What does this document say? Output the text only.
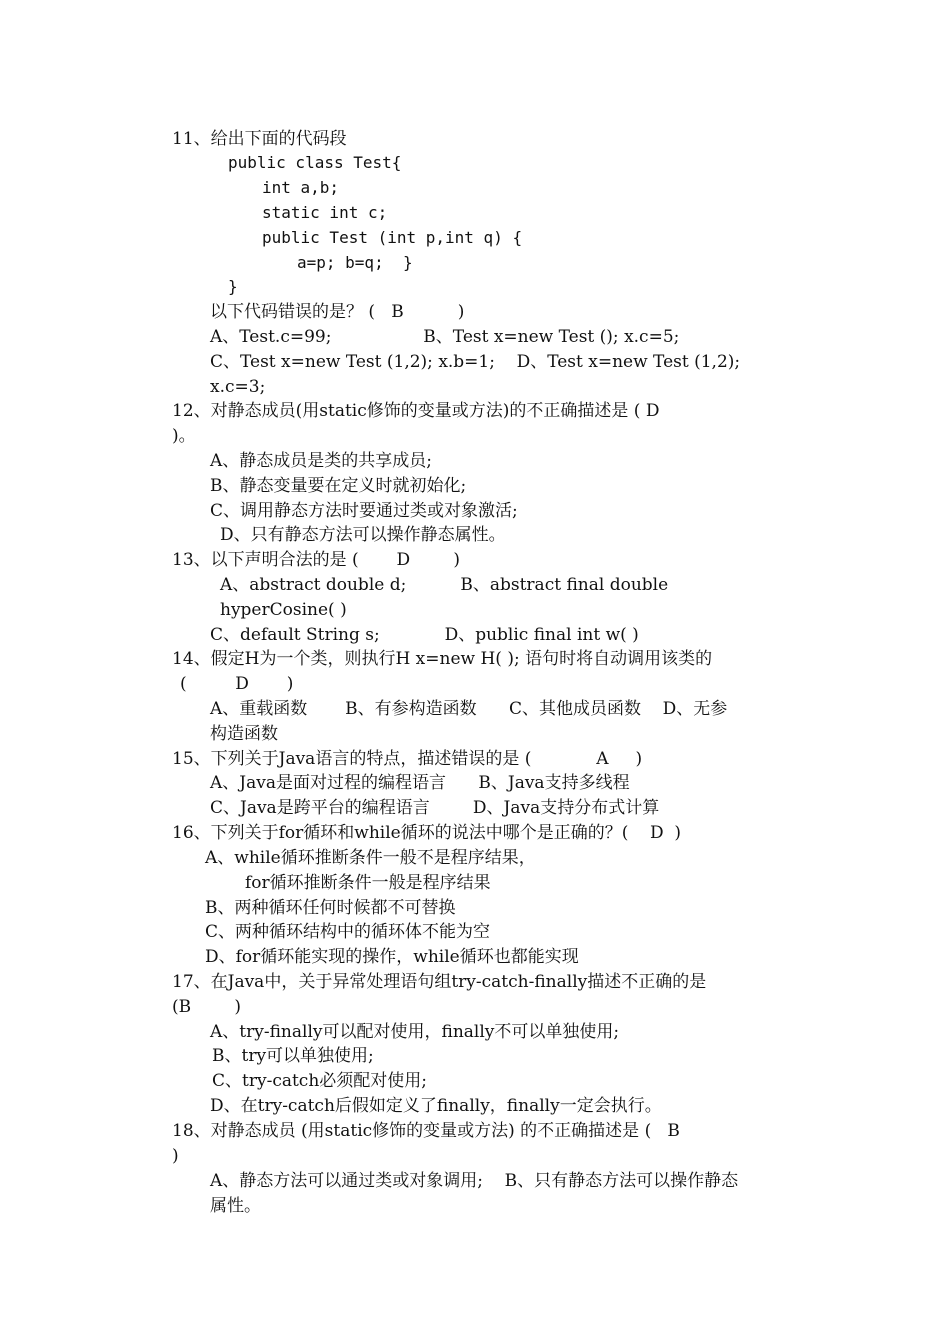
11、给出下面的代码段
public class Test{
int a,b;
static int c;
public Test (int p,int q) {
a=p; b=q;  }
}
以下代码错误的是？ (   B          )
A、Test.c=99;                 B、Test x=new Test (); x.c=5;
C、Test x=new Test (1,2); x.b=1;    D、Test x=new Test (1,2);
x.c=3;
12、对静态成员(用static修饰的变量或方法)的不正确描述是 ( D
)。
A、静态成员是类的共享成员;
B、静态变量要在定义时就初始化;
C、调用静态方法时要通过类或对象激活;
D、只有静态方法可以操作静态属性。
13、以下声明合法的是 (       D        )
A、abstract double d;          B、abstract final double
hyperCosine( )
C、default String s;            D、public final int w( )
14、假定H为一个类，则执行H x=new H( ); 语句时将自动调用该类的
(         D       )
A、重载函数       B、有参构造函数      C、其他成员函数    D、无参
构造函数
15、下列关于Java语言的特点，描述错误的是 (            A     )
A、Java是面对过程的编程语言      B、Java支持多线程
C、Java是跨平台的编程语言        D、Java支持分布式计算
16、下列关于for循环和while循环的说法中哪个是正确的？(    D  )
A、while循环推断条件一般不是程序结果，
for循环推断条件一般是程序结果
B、两种循环任何时候都不可替换
C、两种循环结构中的循环体不能为空
D、for循环能实现的操作，while循环也都能实现
17、在Java中，关于异常处理语句组try-catch-finally描述不正确的是
(B        )
A、try-finally可以配对使用，finally不可以单独使用;
B、try可以单独使用;
C、try-catch必须配对使用;
D、在try-catch后假如定义了finally，finally一定会执行。
18、对静态成员 (用static修饰的变量或方法) 的不正确描述是 (   B
)
A、静态方法可以通过类或对象调用;    B、只有静态方法可以操作静态
属性。
